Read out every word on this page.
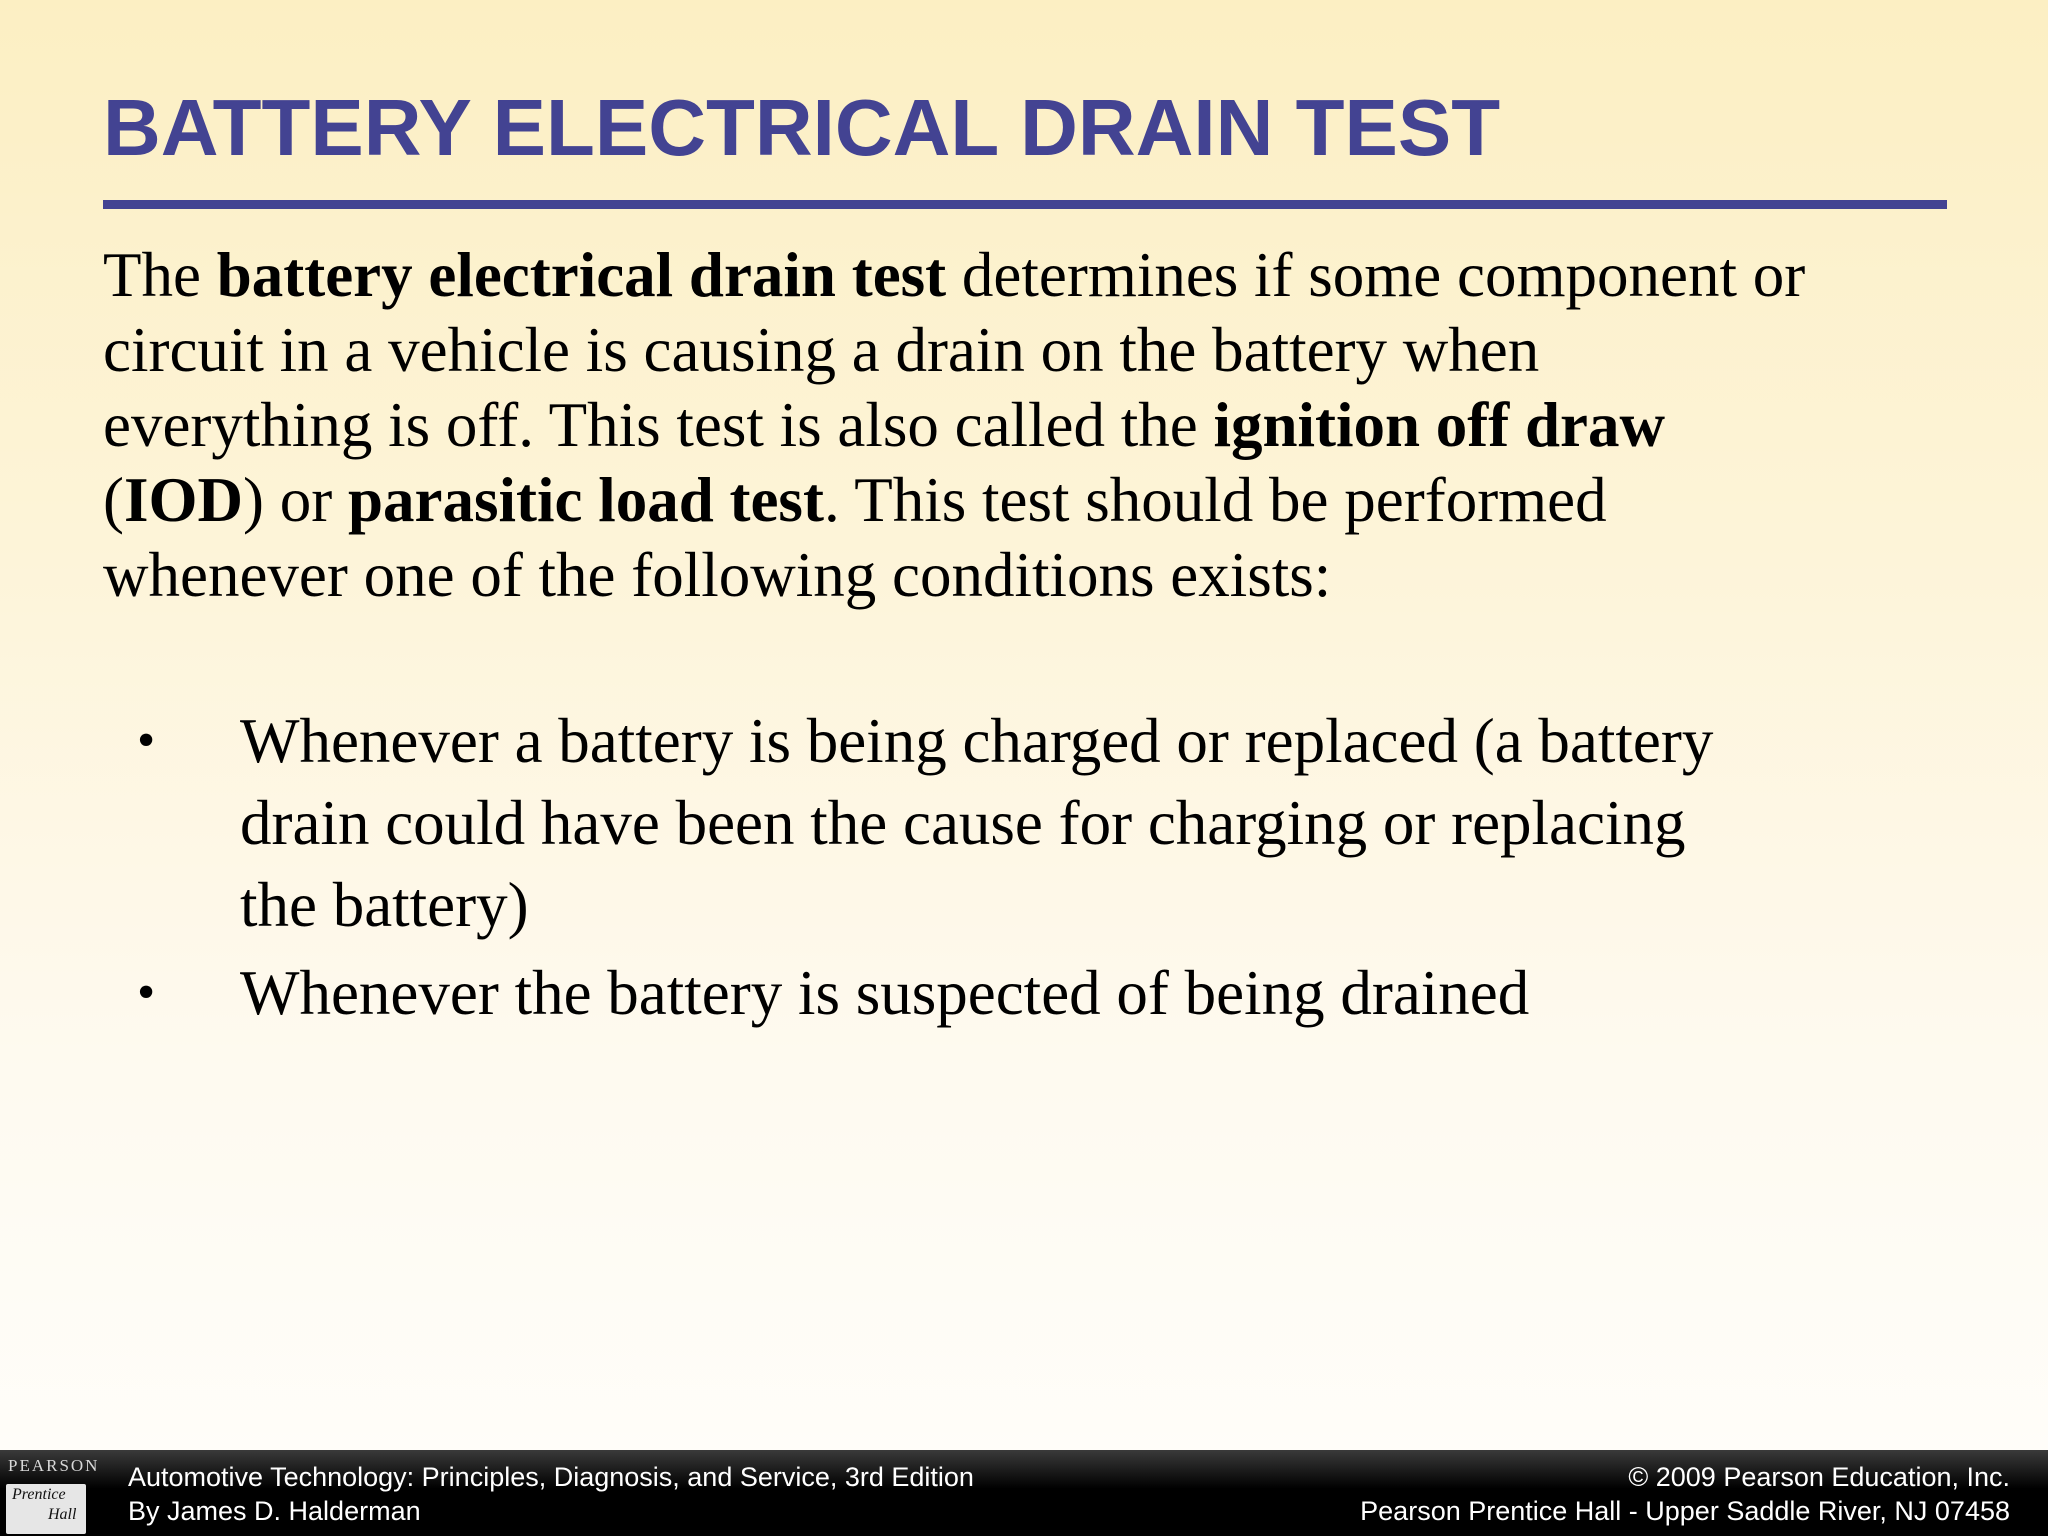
BATTERY ELECTRICAL DRAIN TEST

The battery electrical drain test determines if some component or
circuit in a vehicle is causing a drain on the battery when
everything is off. This test is also called the ignition off draw
(IOD) or parasitic load test. This test should be performed
whenever one of the following conditions exists:

• Whenever a battery is being charged or replaced (a battery
drain could have been the cause for charging or replacing
the battery)
• Whenever the battery is suspected of being drained
PEARSON
Prentice
Hall
Automotive Technology: Principles, Diagnosis, and Service, 3rd Edition
By James D. Halderman
© 2009 Pearson Education, Inc.
Pearson Prentice Hall - Upper Saddle River, NJ 07458
